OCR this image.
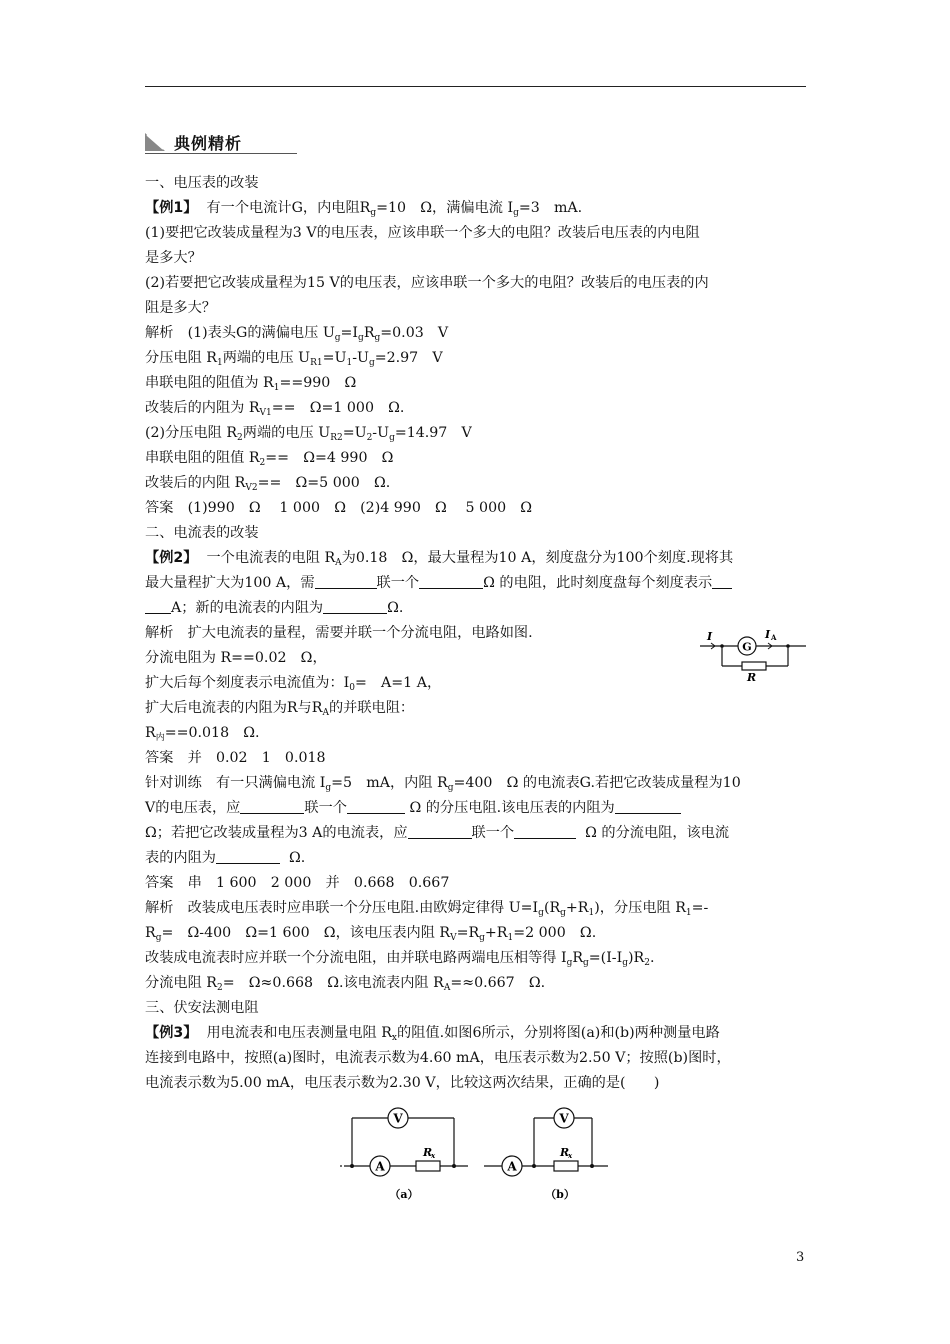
典例精析
一、电压表的改装
【例1】 有一个电流计G，内电阻$R_g=10$　Ω，满偏电流 $I_g=3$　mA.
(1)要把它改装成量程为3 V的电压表，应该串联一个多大的电阻？改装后电压表的内电阻
是多大？
(2)若要把它改装成量程为15 V的电压表，应该串联一个多大的电阻？改装后的电压表的内
阻是多大？
解析　(1)表头G的满偏电压 $U_g=I_gR_g=0.03$　V
分压电阻 $R_1$两端的电压 $U_{R1}=U_1-U_g=2.97$　V
串联电阻的阻值为 $R_1==990$　Ω
改装后的内阻为 $R_{V1}==$　Ω=1 000　Ω.
(2)分压电阻 $R_2$两端的电压 $U_{R2}=U_2-U_g=14.97$　V
串联电阻的阻值 $R_2==$　Ω=4 990　Ω
改装后的内阻 $R_{V2}==$　Ω=5 000　Ω.
答案　(1)990　Ω　 1 000　Ω　(2)4 990　Ω　 5 000　Ω
二、电流表的改装
【例2】 一个电流表的电阻 $R_A$为0.18　Ω，最大量程为10 A，刻度盘分为100个刻度.现将其
最大量程扩大为100 A，需	联一个	Ω 的电阻，此时刻度盘每个刻度表示
A；新的电流表的内阻为	Ω.
解析　扩大电流表的量程，需要并联一个分流电阻，电路如图.
分流电阻为 R==0.02　Ω，
扩大后每个刻度表示电流值为：$I_0=$　A=1 A，
扩大后电流表的内阻为R与$R_A$的并联电阻：
$R_内==0.018$　Ω.
答案　并　0.02　1　0.018
G
I	I A
R
针对训练　有一只满偏电流 $I_g=5$　mA，内阻 $R_g=400$　Ω 的电流表G.若把它改装成量程为10
V的电压表，应	联一个	Ω 的分压电阻.该电压表的内阻为
Ω；若把它改装成量程为3 A的电流表，应	联一个	Ω 的分流电阻，该电流
表的内阻为	Ω.
答案　串　1 600　2 000　并　0.668　0.667
解析　改装成电压表时应串联一个分压电阻.由欧姆定律得 $U=I_g(R_g+R_1)$，分压电阻 $R_1=-$
$R_g=$　Ω-400　Ω=1 600　Ω，该电压表内阻 $R_V=R_g+R_1=2$ 000　Ω.
改装成电流表时应并联一个分流电阻，由并联电路两端电压相等得 $I_gR_g=(I-I_g)R_2$.
分流电阻 $R_2=$　Ω≈0.668　Ω.该电流表内阻 $R_A=\approx 0.667$　Ω.
三、伏安法测电阻
【例3】 用电流表和电压表测量电阻 $R_x$的阻值.如图6所示，分别将图(a)和(b)两种测量电路
连接到电路中，按照(a)图时，电流表示数为4.60 mA，电压表示数为2.50 V；按照(b)图时，
电流表示数为5.00 mA，电压表示数为2.30 V，比较这两次结果，正确的是(　　)
V
A
R
x
（a）
A
V
R
x
（b）
3
